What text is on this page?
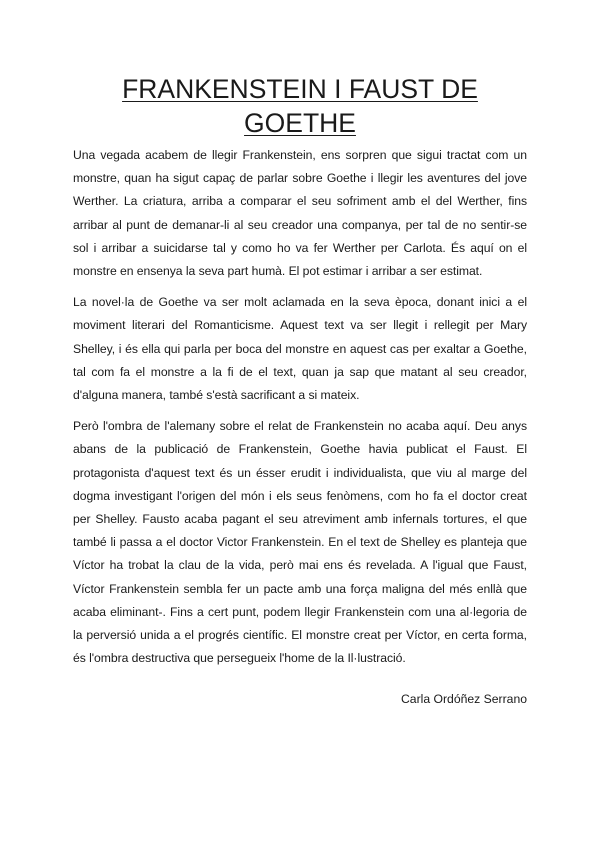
FRANKENSTEIN I FAUST DE
GOETHE

Una vegada acabem de llegir Frankenstein, ens sorpren que sigui tractat com un monstre, quan ha sigut capaç de parlar sobre Goethe i llegir les aventures del jove Werther. La criatura, arriba a comparar el seu sofriment amb el del Werther, fins arribar al punt de demanar-li al seu creador una companya, per tal de no sentir-se sol i arribar a suicidarse tal y como ho va fer Werther per Carlota. És aquí on el monstre en ensenya la seva part humà. El pot estimar i arribar a ser estimat.

La novel·la de Goethe va ser molt aclamada en la seva època, donant inici a el moviment literari del Romanticisme. Aquest text va ser llegit i rellegit per Mary Shelley, i és ella qui parla per boca del monstre en aquest cas per exaltar a Goethe, tal com fa el monstre a la fi de el text, quan ja sap que matant al seu creador, d'alguna manera, també s'està sacrificant a si mateix.

Però l'ombra de l'alemany sobre el relat de Frankenstein no acaba aquí. Deu anys abans de la publicació de Frankenstein, Goethe havia publicat el Faust. El protagonista d'aquest text és un ésser erudit i individualista, que viu al marge del dogma investigant l'origen del món i els seus fenòmens, com ho fa el doctor creat per Shelley. Fausto acaba pagant el seu atreviment amb infernals tortures, el que també li passa a el doctor Victor Frankenstein. En el text de Shelley es planteja que Víctor ha trobat la clau de la vida, però mai ens és revelada. A l'igual que Faust, Víctor Frankenstein sembla fer un pacte amb una força maligna del més enllà que acaba eliminant-. Fins a cert punt, podem llegir Frankenstein com una al·legoria de la perversió unida a el progrés científic. El monstre creat per Víctor, en certa forma, és l'ombra destructiva que persegueix l'home de la Il·lustració.

Carla Ordóñez Serrano
